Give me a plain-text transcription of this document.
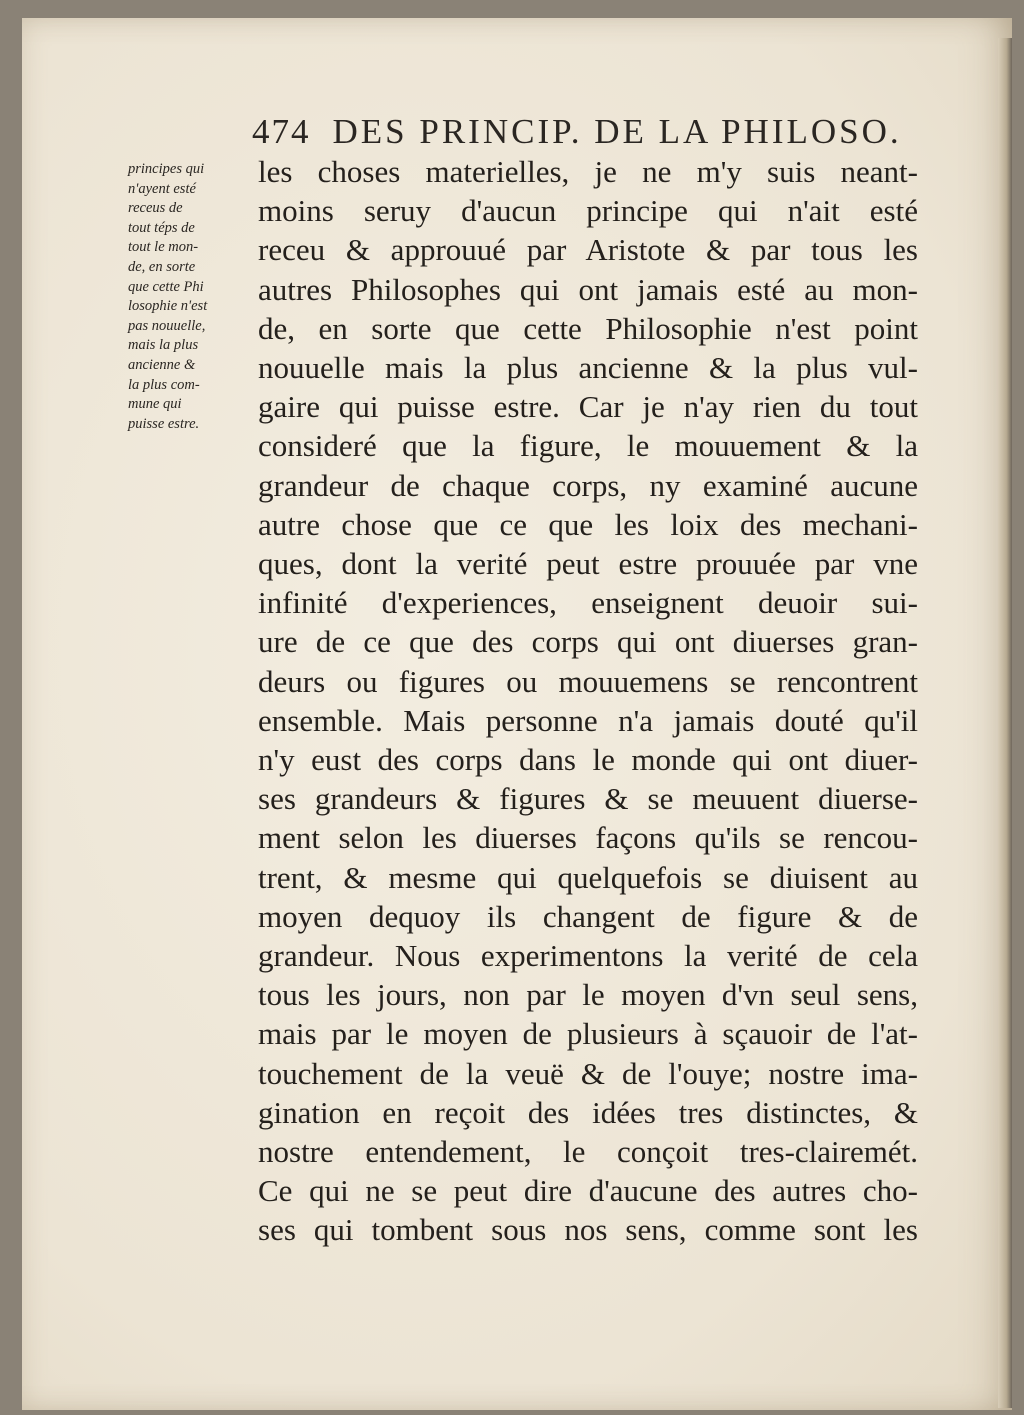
474 DES PRINCIP. DE LA PHILOSO.
principes qui
n'ayent esté
receus de
tout téps de
tout le mon-
de, en sorte
que cette Phi
losophie n'est
pas nouuelle,
mais la plus
ancienne &
la plus com-
mune qui
puisse estre.
les choses materielles, je ne m'y suis neant-
moins seruy d'aucun principe qui n'ait esté
receu & approuué par Aristote & par tous les
autres Philosophes qui ont jamais esté au mon-
de, en sorte que cette Philosophie n'est point
nouuelle mais la plus ancienne & la plus vul-
gaire qui puisse estre. Car je n'ay rien du tout
consideré que la figure, le mouuement & la
grandeur de chaque corps, ny examiné aucune
autre chose que ce que les loix des mechani-
ques, dont la verité peut estre prouuée par vne
infinité d'experiences, enseignent deuoir sui-
ure de ce que des corps qui ont diuerses gran-
deurs ou figures ou mouuemens se rencontrent
ensemble. Mais personne n'a jamais douté qu'il
n'y eust des corps dans le monde qui ont diuer-
ses grandeurs & figures & se meuuent diuerse-
ment selon les diuerses façons qu'ils se rencou-
trent, & mesme qui quelquefois se diuisent au
moyen dequoy ils changent de figure & de
grandeur. Nous experimentons la verité de cela
tous les jours, non par le moyen d'vn seul sens,
mais par le moyen de plusieurs à sçauoir de l'at-
touchement de la veuë & de l'ouye; nostre ima-
gination en reçoit des idées tres distinctes, &
nostre entendement, le conçoit tres-clairemét.
Ce qui ne se peut dire d'aucune des autres cho-
ses qui tombent sous nos sens, comme sont les
